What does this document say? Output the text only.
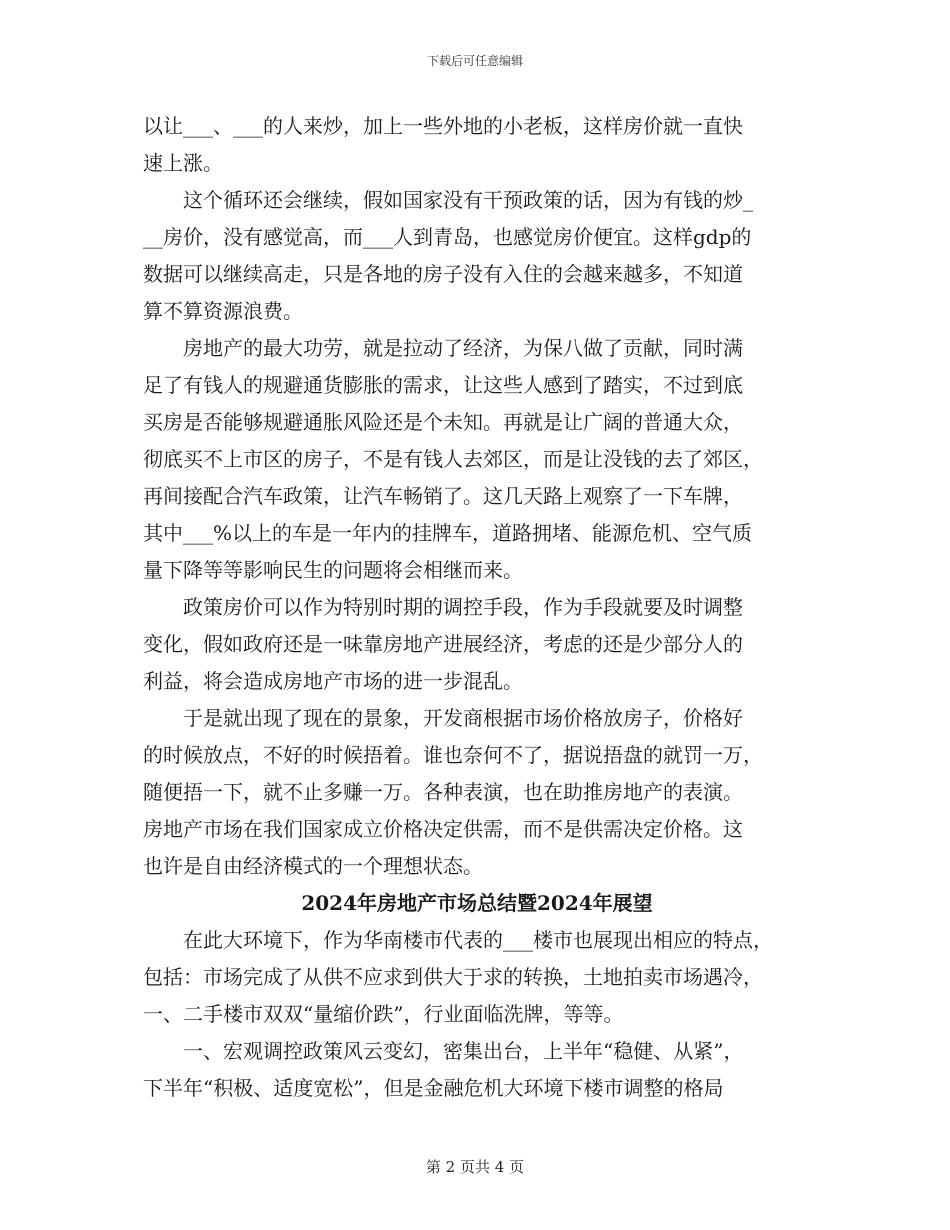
下载后可任意编辑
以让___、___的人来炒，加上一些外地的小老板，这样房价就一直快
速上涨。
这个循环还会继续，假如国家没有干预政策的话，因为有钱的炒_
__房价，没有感觉高，而___人到青岛，也感觉房价便宜。这样gdp的
数据可以继续高走，只是各地的房子没有入住的会越来越多，不知道
算不算资源浪费。
房地产的最大功劳，就是拉动了经济，为保八做了贡献，同时满
足了有钱人的规避通货膨胀的需求，让这些人感到了踏实，不过到底
买房是否能够规避通胀风险还是个未知。再就是让广阔的普通大众，
彻底买不上市区的房子，不是有钱人去郊区，而是让没钱的去了郊区，
再间接配合汽车政策，让汽车畅销了。这几天路上观察了一下车牌，
其中___%以上的车是一年内的挂牌车，道路拥堵、能源危机、空气质
量下降等等影响民生的问题将会相继而来。
政策房价可以作为特别时期的调控手段，作为手段就要及时调整
变化，假如政府还是一味靠房地产进展经济，考虑的还是少部分人的
利益，将会造成房地产市场的进一步混乱。
于是就出现了现在的景象，开发商根据市场价格放房子，价格好
的时候放点，不好的时候捂着。谁也奈何不了，据说捂盘的就罚一万，
随便捂一下，就不止多赚一万。各种表演，也在助推房地产的表演。
房地产市场在我们国家成立价格决定供需，而不是供需决定价格。这
也许是自由经济模式的一个理想状态。
2024年房地产市场总结暨2024年展望
在此大环境下，作为华南楼市代表的___楼市也展现出相应的特点，
包括：市场完成了从供不应求到供大于求的转换，土地拍卖市场遇冷，
一、二手楼市双双“量缩价跌”，行业面临洗牌，等等。
一、宏观调控政策风云变幻，密集出台，上半年“稳健、从紧”，
下半年“积极、适度宽松”，但是金融危机大环境下楼市调整的格局
第 2 页共 4 页
